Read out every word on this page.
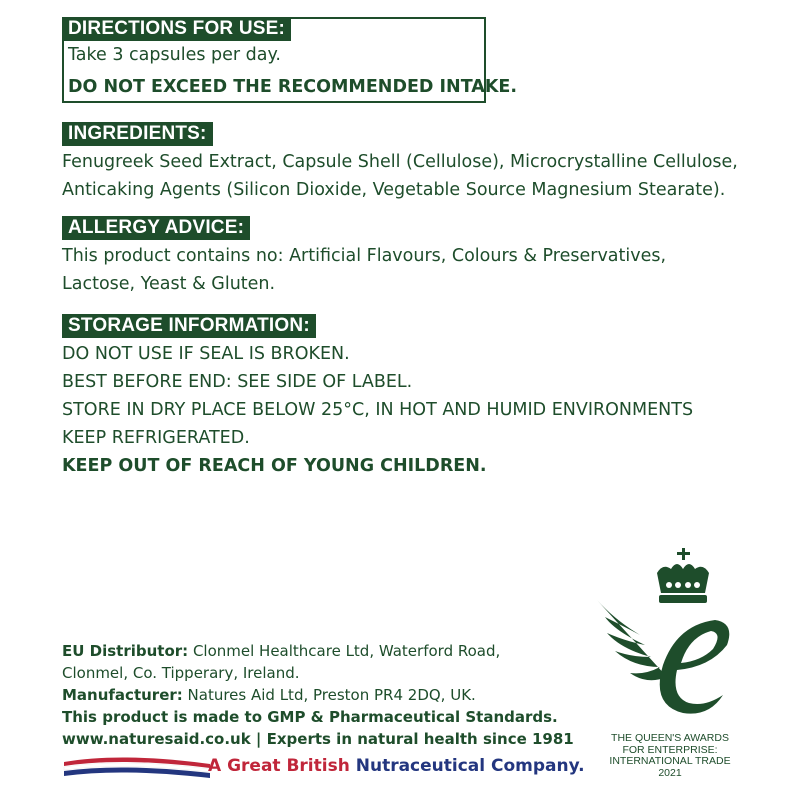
DIRECTIONS FOR USE:
Take 3 capsules per day.
DO NOT EXCEED THE RECOMMENDED INTAKE.
INGREDIENTS:
Fenugreek Seed Extract, Capsule Shell (Cellulose), Microcrystalline Cellulose,
Anticaking Agents (Silicon Dioxide, Vegetable Source Magnesium Stearate).
ALLERGY ADVICE:
This product contains no: Artificial Flavours, Colours & Preservatives,
Lactose, Yeast & Gluten.
STORAGE INFORMATION:
DO NOT USE IF SEAL IS BROKEN.
BEST BEFORE END: SEE SIDE OF LABEL.
STORE IN DRY PLACE BELOW 25°C, IN HOT AND HUMID ENVIRONMENTS
KEEP REFRIGERATED.
KEEP OUT OF REACH OF YOUNG CHILDREN.
EU Distributor: Clonmel Healthcare Ltd, Waterford Road,
Clonmel, Co. Tipperary, Ireland.
Manufacturer: Natures Aid Ltd, Preston PR4 2DQ, UK.
This product is made to GMP & Pharmaceutical Standards.
www.naturesaid.co.uk | Experts in natural health since 1981
A Great British Nutraceutical Company.
THE QUEEN'S AWARDS
FOR ENTERPRISE:
INTERNATIONAL TRADE
2021
